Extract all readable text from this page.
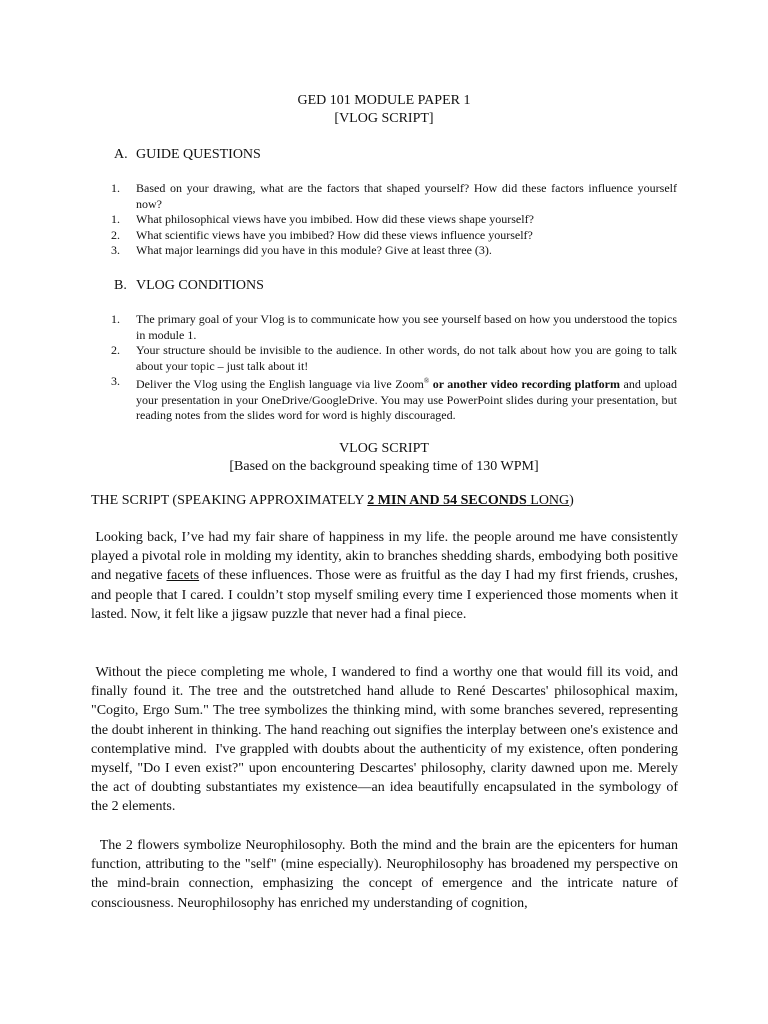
GED 101 MODULE PAPER 1
[VLOG SCRIPT]
A. GUIDE QUESTIONS
1. Based on your drawing, what are the factors that shaped yourself? How did these factors influence yourself now?
1. What philosophical views have you imbibed. How did these views shape yourself?
2. What scientific views have you imbibed? How did these views influence yourself?
3. What major learnings did you have in this module? Give at least three (3).
B. VLOG CONDITIONS
1. The primary goal of your Vlog is to communicate how you see yourself based on how you understood the topics in module 1.
2. Your structure should be invisible to the audience. In other words, do not talk about how you are going to talk about your topic – just talk about it!
3. Deliver the Vlog using the English language via live Zoom® or another video recording platform and upload your presentation in your OneDrive/GoogleDrive. You may use PowerPoint slides during your presentation, but reading notes from the slides word for word is highly discouraged.
VLOG SCRIPT
[Based on the background speaking time of 130 WPM]
THE SCRIPT (SPEAKING APPROXIMATELY 2 MIN AND 54 SECONDS LONG)

Looking back, I’ve had my fair share of happiness in my life. the people around me have consistently played a pivotal role in molding my identity, akin to branches shedding shards, embodying both positive and negative facets of these influences. Those were as fruitful as the day I had my first friends, crushes, and people that I cared. I couldn’t stop myself smiling every time I experienced those moments when it lasted. Now, it felt like a jigsaw puzzle that never had a final piece.

Without the piece completing me whole, I wandered to find a worthy one that would fill its void, and finally found it. The tree and the outstretched hand allude to René Descartes' philosophical maxim, "Cogito, Ergo Sum." The tree symbolizes the thinking mind, with some branches severed, representing the doubt inherent in thinking. The hand reaching out signifies the interplay between one's existence and contemplative mind.  I've grappled with doubts about the authenticity of my existence, often pondering myself, "Do I even exist?" upon encountering Descartes' philosophy, clarity dawned upon me. Merely the act of doubting substantiates my existence—an idea beautifully encapsulated in the symbology of the 2 elements.

The 2 flowers symbolize Neurophilosophy. Both the mind and the brain are the epicenters for human function, attributing to the "self" (mine especially). Neurophilosophy has broadened my perspective on the mind-brain connection, emphasizing the concept of emergence and the intricate nature of consciousness. Neurophilosophy has enriched my understanding of cognition,
